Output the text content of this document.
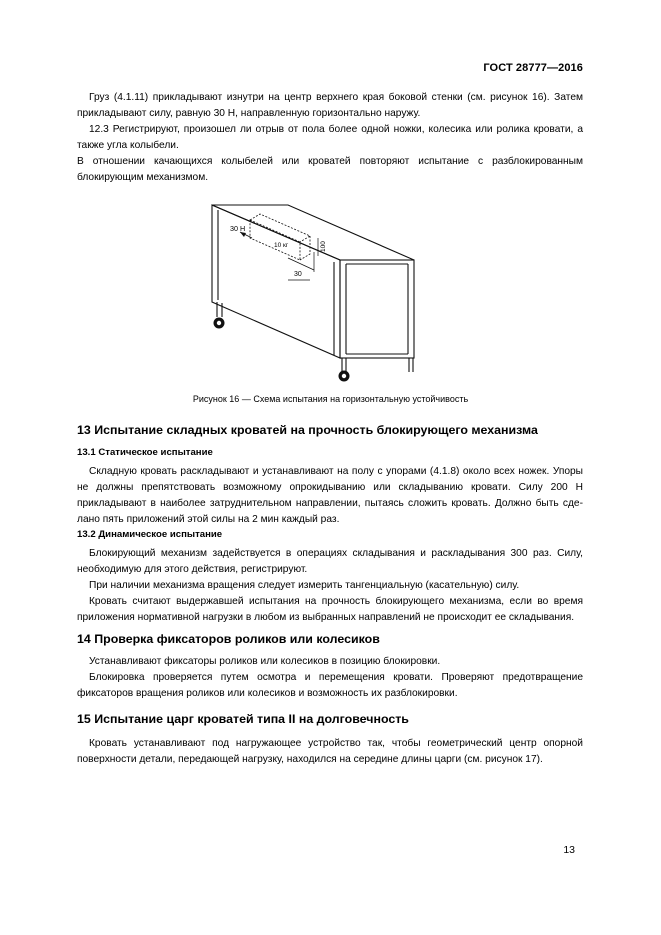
ГОСТ 28777—2016

Груз (4.1.11) прикладывают изнутри на центр верхнего края боковой стенки (см. рисунок 16). Затем прикладывают силу, равную 30 Н, направленную горизонтально наружу.

12.3 Регистрируют, произошел ли отрыв от пола более одной ножки, колесика или ролика кровати, а также угла колыбели.

В отношении качающихся колыбелей или кроватей повторяют испытание с разблокированным блокирующим механизмом.

30 Н
10 кг	100
30
Рисунок 16 — Схема испытания на горизонтальную устойчивость
13 Испытание складных кроватей на прочность блокирующего механизма
13.1 Статическое испытание

Складную кровать раскладывают и устанавливают на полу с упорами (4.1.8) около всех ножек. Упоры не должны препятствовать возможному опрокидыванию или складыванию кровати. Силу 200 Н прикладывают в наиболее затруднительном направлении, пытаясь сложить кровать. Должно быть сде-лано пять приложений этой силы на 2 мин каждый раз.

13.2 Динамическое испытание

Блокирующий механизм задействуется в операциях складывания и раскладывания 300 раз. Силу, необходимую для этого действия, регистрируют.

При наличии механизма вращения следует измерить тангенциальную (касательную) силу.

Кровать считают выдержавшей испытания на прочность блокирующего механизма, если во время приложения нормативной нагрузки в любом из выбранных направлений не происходит ее складывания.

14 Проверка фиксаторов роликов или колесиков

Устанавливают фиксаторы роликов или колесиков в позицию блокировки.

Блокировка проверяется путем осмотра и перемещения кровати. Проверяют предотвращение фиксаторов вращения роликов или колесиков и возможность их разблокировки.

15 Испытание царг кроватей типа II на долговечность

Кровать устанавливают под нагружающее устройство так, чтобы геометрический центр опорной поверхности детали, передающей нагрузку, находился на середине длины царги (см. рисунок 17).

13
